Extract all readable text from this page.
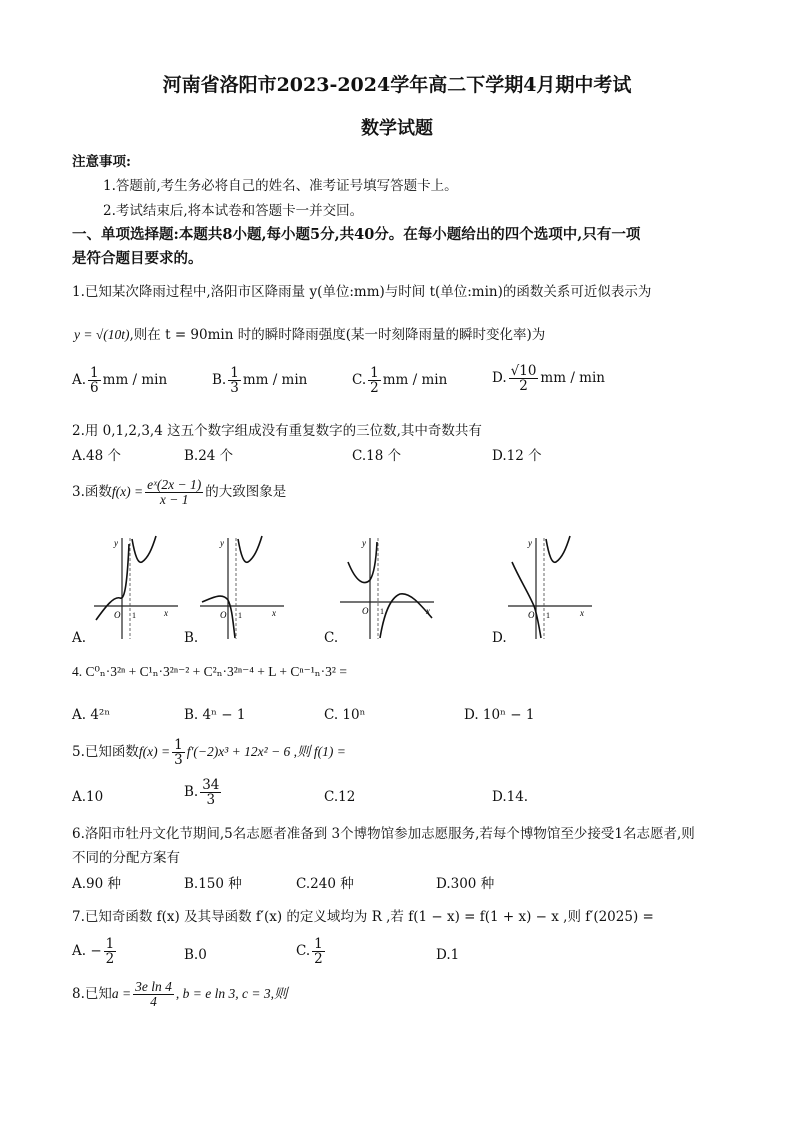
河南省洛阳市2023-2024学年高二下学期4月期中考试
数学试题
注意事项:
1.答题前,考生务必将自己的姓名、准考证号填写答题卡上。
2.考试结束后,将本试卷和答题卡一并交回。
一、单项选择题:本题共8小题,每小题5分,共40分。在每小题给出的四个选项中,只有一项
是符合题目要求的。
1.已知某次降雨过程中,洛阳市区降雨量 y(单位:mm)与时间 t(单位:min)的函数关系可近似表示为
y = √(10t),则在 t = 90min 时的瞬时降雨强度(某一时刻降雨量的瞬时变化率)为
A. $\frac{1}{6}$ mm / min	B. $\frac{1}{3}$ mm / min	C. $\frac{1}{2}$ mm / min	D. $\frac{√10}{2}$ mm / min
2.用 0,1,2,3,4 这五个数字组成没有重复数字的三位数,其中奇数共有
A.48 个	B.24 个	C.18 个	D.12 个
3.函数$f(x) = \frac{\text{eˣ(2x − 1)}}{x - 1}$ 的大致图象是
y
O 1	x
y
O 1	x
y
O 1	x
y
O 1	x
A.	B.	C.	D.
4. C⁰ₙ·3²ⁿ + C¹ₙ·3²ⁿ⁻² + C²ₙ·3²ⁿ⁻⁴ + L + Cⁿ⁻¹ₙ·3² =
A. 4²ⁿ	B. 4ⁿ − 1	C. 10ⁿ	D. 10ⁿ − 1
5.已知函数$f(x) = \frac{1}{3} f'(-2)x^3 + 12x^2 - 6$ ,则 f(1) =
A.10	B. $\frac{34}{3}$	C.12	D.14.
6.洛阳市牡丹文化节期间,5名志愿者准备到 3个博物馆参加志愿服务,若每个博物馆至少接受1名志愿者,则
不同的分配方案有
A.90 种	B.150 种	C.240 种	D.300 种
7.已知奇函数 f(x) 及其导函数 f′(x) 的定义域均为 R ,若 f(1 − x) = f(1 + x) − x ,则 f′(2025) =
A. − $\frac{1}{2}$	B.0	C. $\frac{1}{2}$	D.1
8.已知$a = \frac{\text{3e ln 4}}{4}$ , b = e ln 3, c = 3,则
